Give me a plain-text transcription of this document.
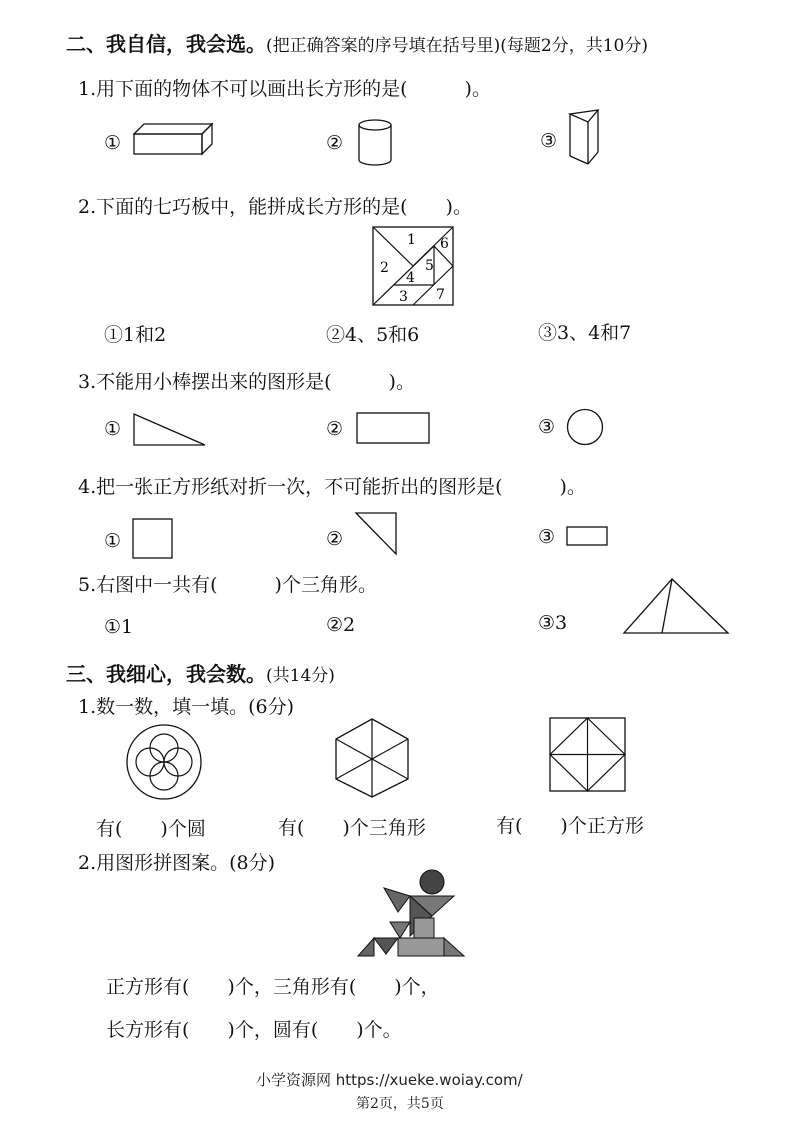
二、我自信，我会选。(把正确答案的序号填在括号里)(每题2分，共10分)
1.用下面的物体不可以画出长方形的是(　　　)。
①	②	③
2.下面的七巧板中，能拼成长方形的是(　　)。
1
2
3
4
5
6
7
①1和2	②4、5和6	③3、4和7
3.不能用小棒摆出来的图形是(　　　)。
①	②	③
4.把一张正方形纸对折一次，不可能折出的图形是(　　　)。
①	②	③
5.右图中一共有(　　　)个三角形。
①1	②2	③3
三、我细心，我会数。(共14分)
1.数一数，填一填。(6分)
有(　　)个圆	有(　　)个三角形	有(　　)个正方形
2.用图形拼图案。(8分)
正方形有(　　)个，三角形有(　　)个，
长方形有(　　)个，圆有(　　)个。
小学资源网 https://xueke.woiay.com/
第2页，共5页
